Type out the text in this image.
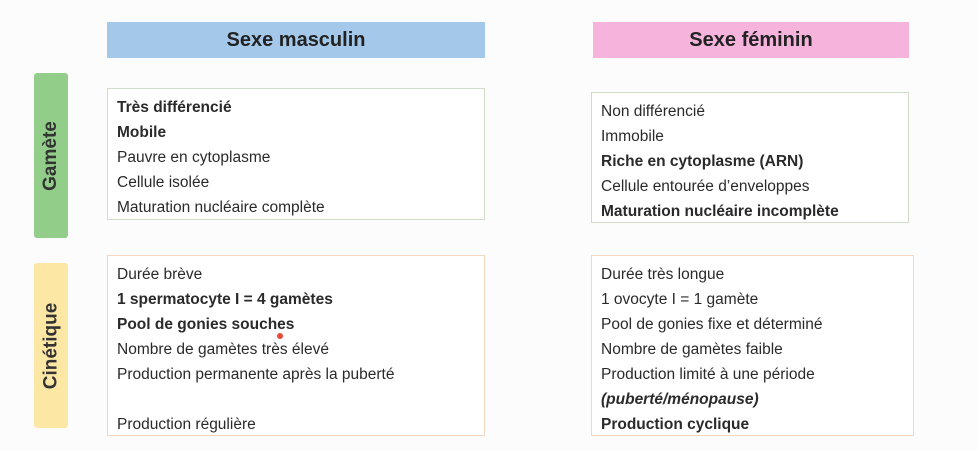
Sexe masculin	Sexe féminin
Gamète
Cinétique
Très différencié
Mobile
Pauvre en cytoplasme
Cellule isolée
Maturation nucléaire complète
Non différencié
Immobile
Riche en cytoplasme (ARN)
Cellule entourée d’enveloppes
Maturation nucléaire incomplète
Durée brève
1 spermatocyte I = 4 gamètes
Pool de gonies souches
Nombre de gamètes très élevé
Production permanente après la puberté
Production régulière
Durée très longue
1 ovocyte I = 1 gamète
Pool de gonies fixe et déterminé
Nombre de gamètes faible
Production limité à une période
(puberté/ménopause)
Production cyclique
